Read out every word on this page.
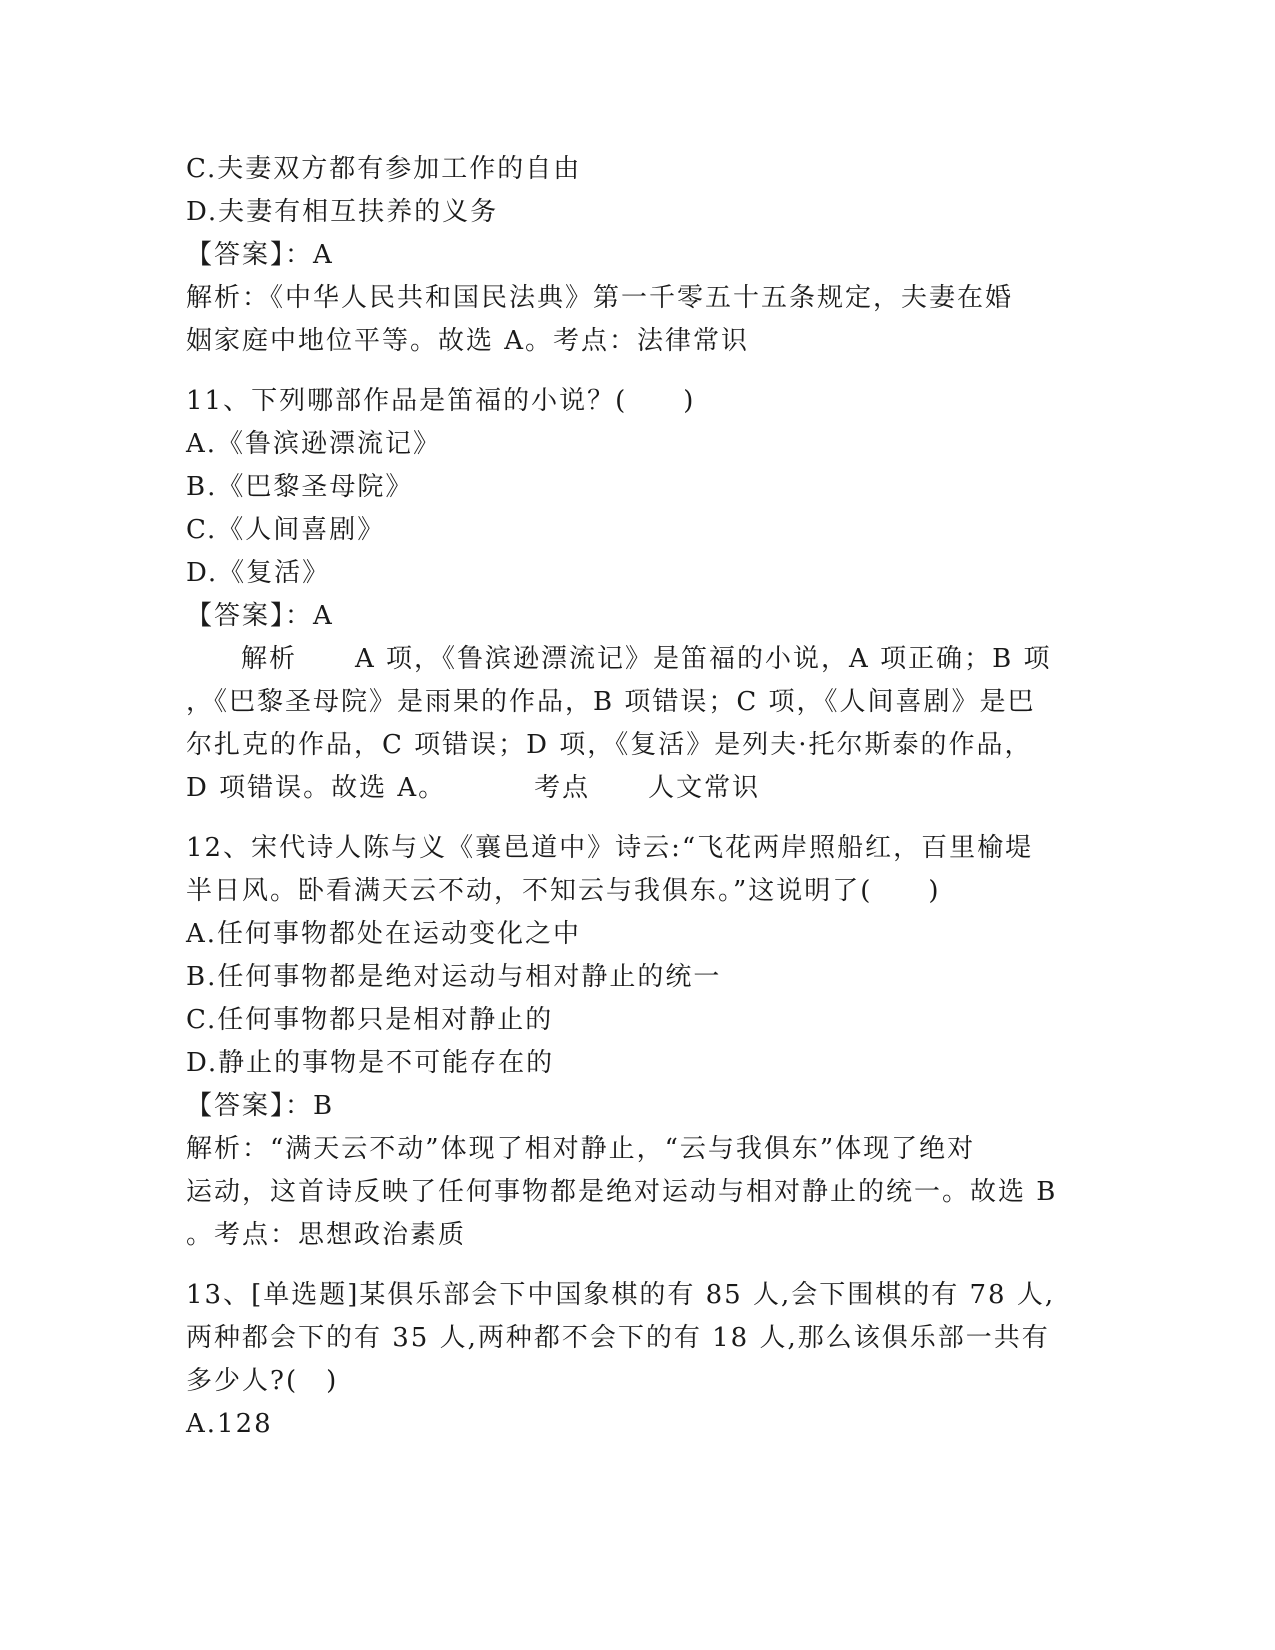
C.夫妻双方都有参加工作的自由
D.夫妻有相互扶养的义务
【答案】：A
解析：《中华人民共和国民法典》第一千零五十五条规定，夫妻在婚
姻家庭中地位平等。故选 A。考点：法律常识
11、下列哪部作品是笛福的小说？(　　)
A.《鲁滨逊漂流记》
B.《巴黎圣母院》
C.《人间喜剧》
D.《复活》
【答案】：A
解析 A 项，《鲁滨逊漂流记》是笛福的小说，A 项正确；B 项
，《巴黎圣母院》是雨果的作品，B 项错误；C 项，《人间喜剧》是巴
尔扎克的作品，C 项错误；D 项，《复活》是列夫·托尔斯泰的作品，
D 项错误。故选 A。	考点 人文常识
12、宋代诗人陈与义《襄邑道中》诗云:“飞花两岸照船红，百里榆堤
半日风。卧看满天云不动，不知云与我俱东。”这说明了(　　)
A.任何事物都处在运动变化之中
B.任何事物都是绝对运动与相对静止的统一
C.任何事物都只是相对静止的
D.静止的事物是不可能存在的
【答案】：B
解析：“满天云不动”体现了相对静止，“云与我俱东”体现了绝对
运动，这首诗反映了任何事物都是绝对运动与相对静止的统一。故选 B
。考点：思想政治素质
13、[单选题]某俱乐部会下中国象棋的有 85 人,会下围棋的有 78 人,
两种都会下的有 35 人,两种都不会下的有 18 人,那么该俱乐部一共有
多少人?(　)
A.128
